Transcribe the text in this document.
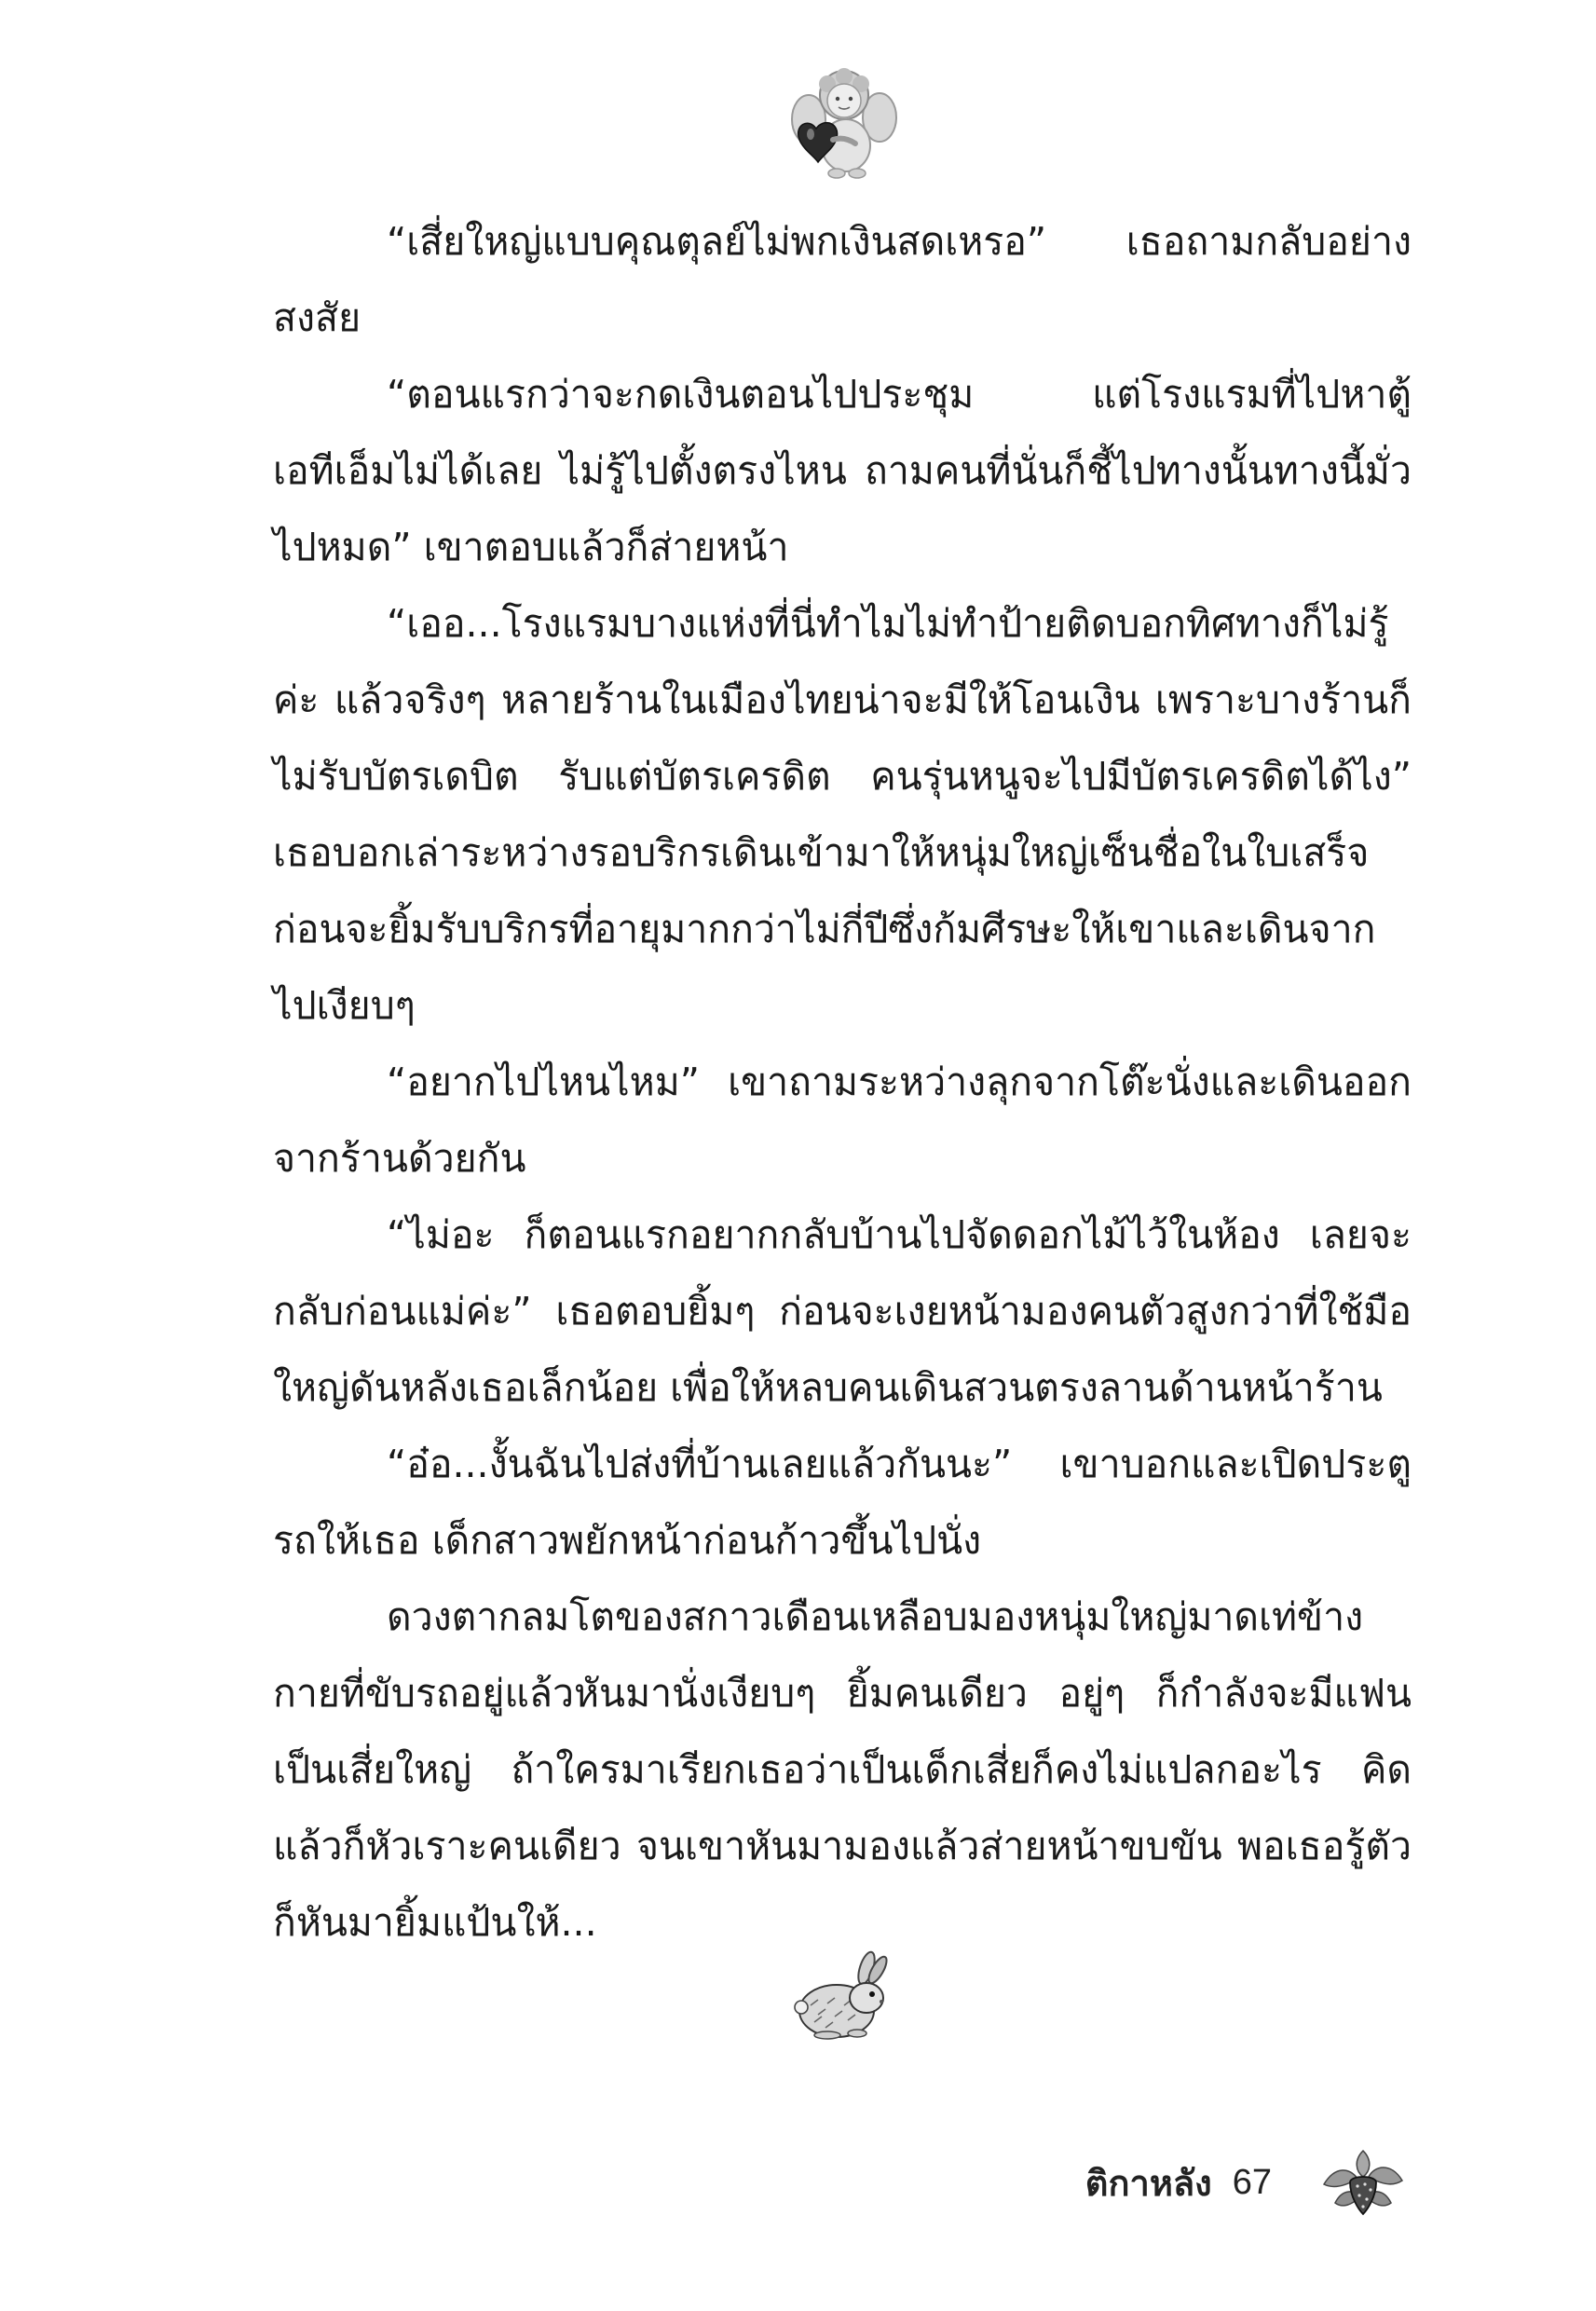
“เสี่ยใหญ่แบบคุณตุลย์ไม่พกเงินสดเหรอ” เธอถามกลับอย่างสงสัย

“ตอนแรกว่าจะกดเงินตอนไปประชุม แต่โรงแรมที่ไปหาตู้เอทีเอ็มไม่ได้เลย ไม่รู้ไปตั้งตรงไหน ถามคนที่นั่นก็ชี้ไปทางนั้นทางนี้มั่วไปหมด” เขาตอบแล้วก็ส่ายหน้า

“เออ...โรงแรมบางแห่งที่นี่ทำไมไม่ทำป้ายติดบอกทิศทางก็ไม่รู้ค่ะ แล้วจริงๆ หลายร้านในเมืองไทยน่าจะมีให้โอนเงิน เพราะบางร้านก็ไม่รับบัตรเดบิต รับแต่บัตรเครดิต คนรุ่นหนูจะไปมีบัตรเครดิตได้ไง” เธอบอกเล่าระหว่างรอบริกรเดินเข้ามาให้หนุ่มใหญ่เซ็นชื่อในใบเสร็จ ก่อนจะยิ้มรับบริกรที่อายุมากกว่าไม่กี่ปีซึ่งก้มศีรษะให้เขาและเดินจากไปเงียบๆ

“อยากไปไหนไหม” เขาถามระหว่างลุกจากโต๊ะนั่งและเดินออกจากร้านด้วยกัน

“ไม่อะ ก็ตอนแรกอยากกลับบ้านไปจัดดอกไม้ไว้ในห้อง เลยจะกลับก่อนแม่ค่ะ” เธอตอบยิ้มๆ ก่อนจะเงยหน้ามองคนตัวสูงกว่าที่ใช้มือใหญ่ดันหลังเธอเล็กน้อย เพื่อให้หลบคนเดินสวนตรงลานด้านหน้าร้าน

“อ๋อ...งั้นฉันไปส่งที่บ้านเลยแล้วกันนะ” เขาบอกและเปิดประตูรถให้เธอ เด็กสาวพยักหน้าก่อนก้าวขึ้นไปนั่ง

ดวงตากลมโตของสกาวเดือนเหลือบมองหนุ่มใหญ่มาดเท่ข้างกายที่ขับรถอยู่แล้วหันมานั่งเงียบๆ ยิ้มคนเดียว อยู่ๆ ก็กำลังจะมีแฟนเป็นเสี่ยใหญ่ ถ้าใครมาเรียกเธอว่าเป็นเด็กเสี่ยก็คงไม่แปลกอะไร คิดแล้วก็หัวเราะคนเดียว จนเขาหันมามองแล้วส่ายหน้าขบขัน พอเธอรู้ตัวก็หันมายิ้มแป้นให้...

ติกาหลัง 67
